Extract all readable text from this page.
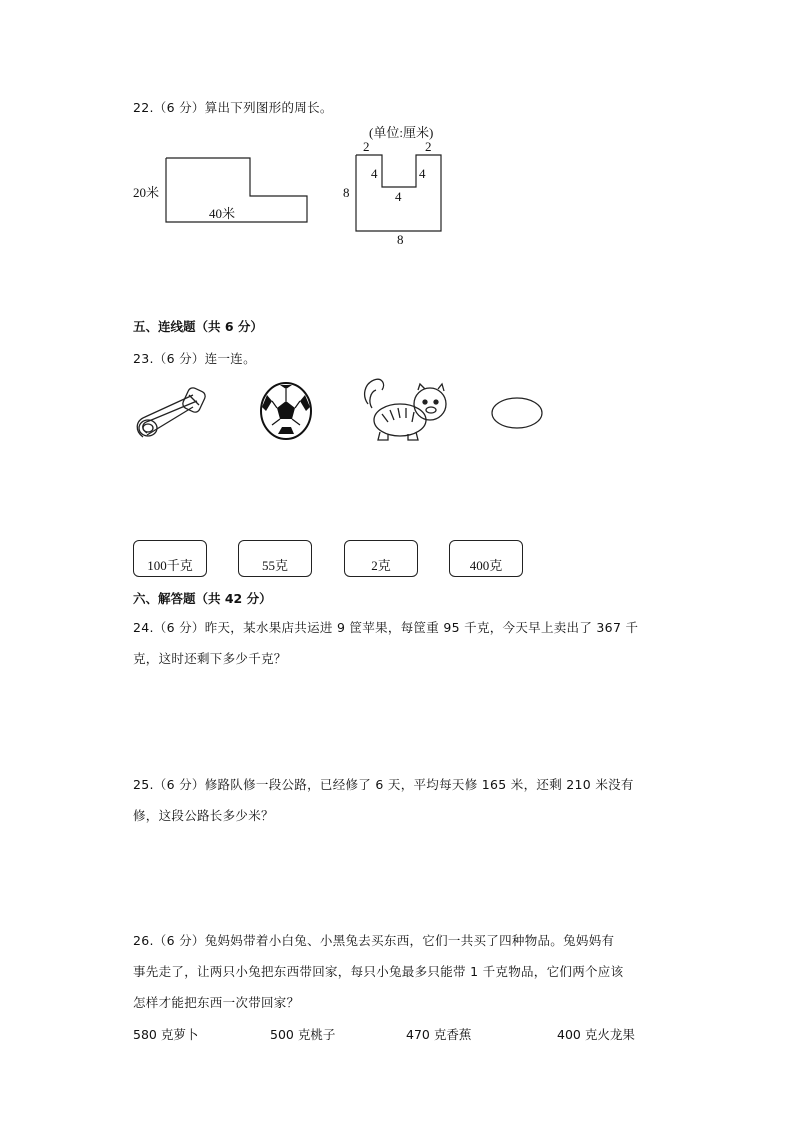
22.（6 分）算出下列图形的周长。
20米
40米
(单位:厘米)
2	2
8
4	4
4
8
五、连线题（共 6 分）
23.（6 分）连一连。
100千克	55克	2克	400克
六、解答题（共 42 分）
24.（6 分）昨天，某水果店共运进 9 筐苹果，每筐重 95 千克，今天早上卖出了 367 千
克，这时还剩下多少千克？
25.（6 分）修路队修一段公路，已经修了 6 天，平均每天修 165 米，还剩 210 米没有
修，这段公路长多少米？
26.（6 分）兔妈妈带着小白兔、小黑兔去买东西，它们一共买了四种物品。兔妈妈有
事先走了，让两只小兔把东西带回家，每只小兔最多只能带 1 千克物品，它们两个应该
怎样才能把东西一次带回家？
580 克萝卜	500 克桃子	470 克香蕉	400 克火龙果
